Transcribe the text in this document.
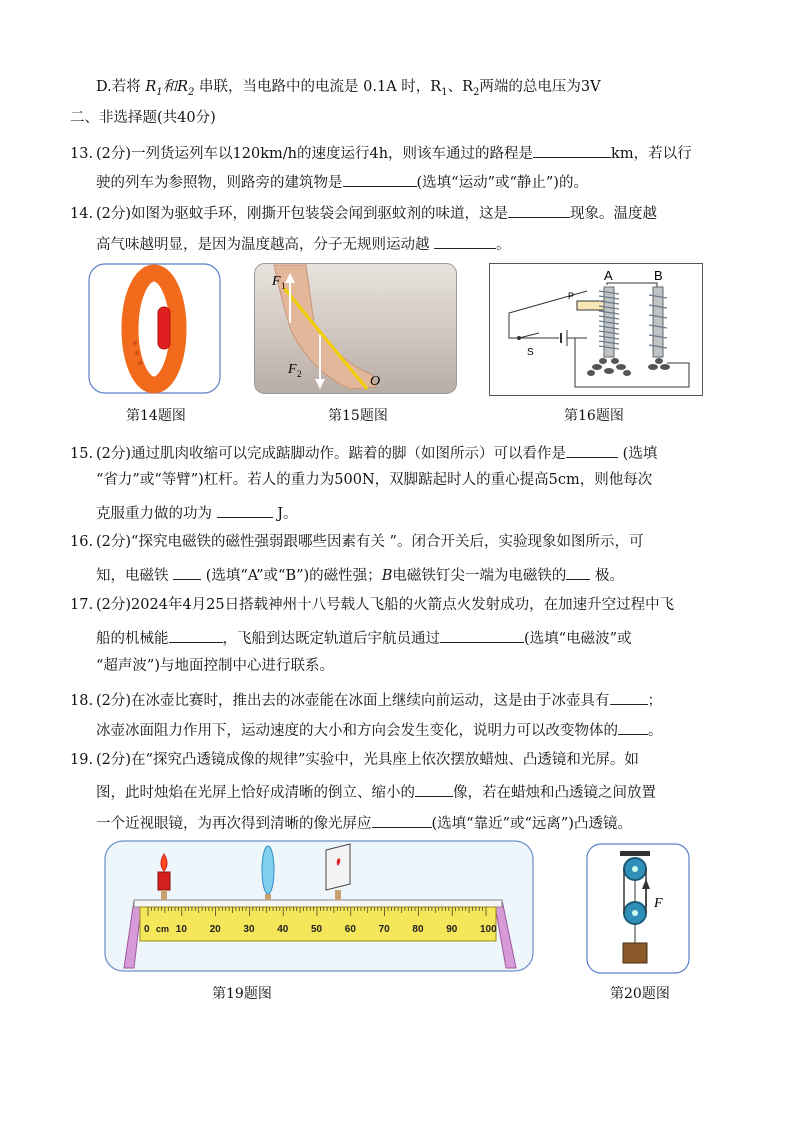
D.若将 $R_1$和$R_2$ 串联，当电路中的电流是 0.1A 时，$R_1$、$R_2$两端的总电压为3V
二、非选择题(共40分)
13. (2分)一列货运列车以120km/h的速度运行4h，则该车通过的路程是	km，若以行
驶的列车为参照物，则路旁的建筑物是	(选填“运动”或“静止”)的。
14. (2分)如图为驱蚊手环，刚撕开包装袋会闻到驱蚊剂的味道，这是	现象。温度越
高气味越明显，是因为温度越高，分子无规则运动越	。
第14题图
F 1
F 2	O
第15题图
A	B
S
P
第16题图
15. (2分)通过肌肉收缩可以完成踮脚动作。踮着的脚（如图所示）可以看作是	(选填
“省力”或“等臂”)杠杆。若人的重力为500N，双脚踮起时人的重心提高5cm，则他每次
克服重力做的功为	J。
16. (2分)“探究电磁铁的磁性强弱跟哪些因素有关 ”。闭合开关后，实验现象如图所示，可
知，电磁铁	(选填“A”或“B”)的磁性强；B电磁铁钉尖一端为电磁铁的 极。
17. (2分)2024年4月25日搭载神州十八号载人飞船的火箭点火发射成功，在加速升空过程中飞
船的机械能	，飞船到达既定轨道后宇航员通过	(选填“电磁波”或
“超声波”)与地面控制中心进行联系。
18. (2分)在冰壶比赛时，推出去的冰壶能在冰面上继续向前运动，这是由于冰壶具有	；
冰壶冰面阻力作用下，运动速度的大小和方向会发生变化，说明力可以改变物体的 。
19. (2分)在“探究凸透镜成像的规律”实验中，光具座上依次摆放蜡烛、凸透镜和光屏。如
图，此时烛焰在光屏上恰好成清晰的倒立、缩小的	像，若在蜡烛和凸透镜之间放置
一个近视眼镜，为再次得到清晰的像光屏应	(选填“靠近”或“远离”)凸透镜。
0	10 20 30 40 50 60 70 80 90 100
cm
第19题图
F
第20题图
